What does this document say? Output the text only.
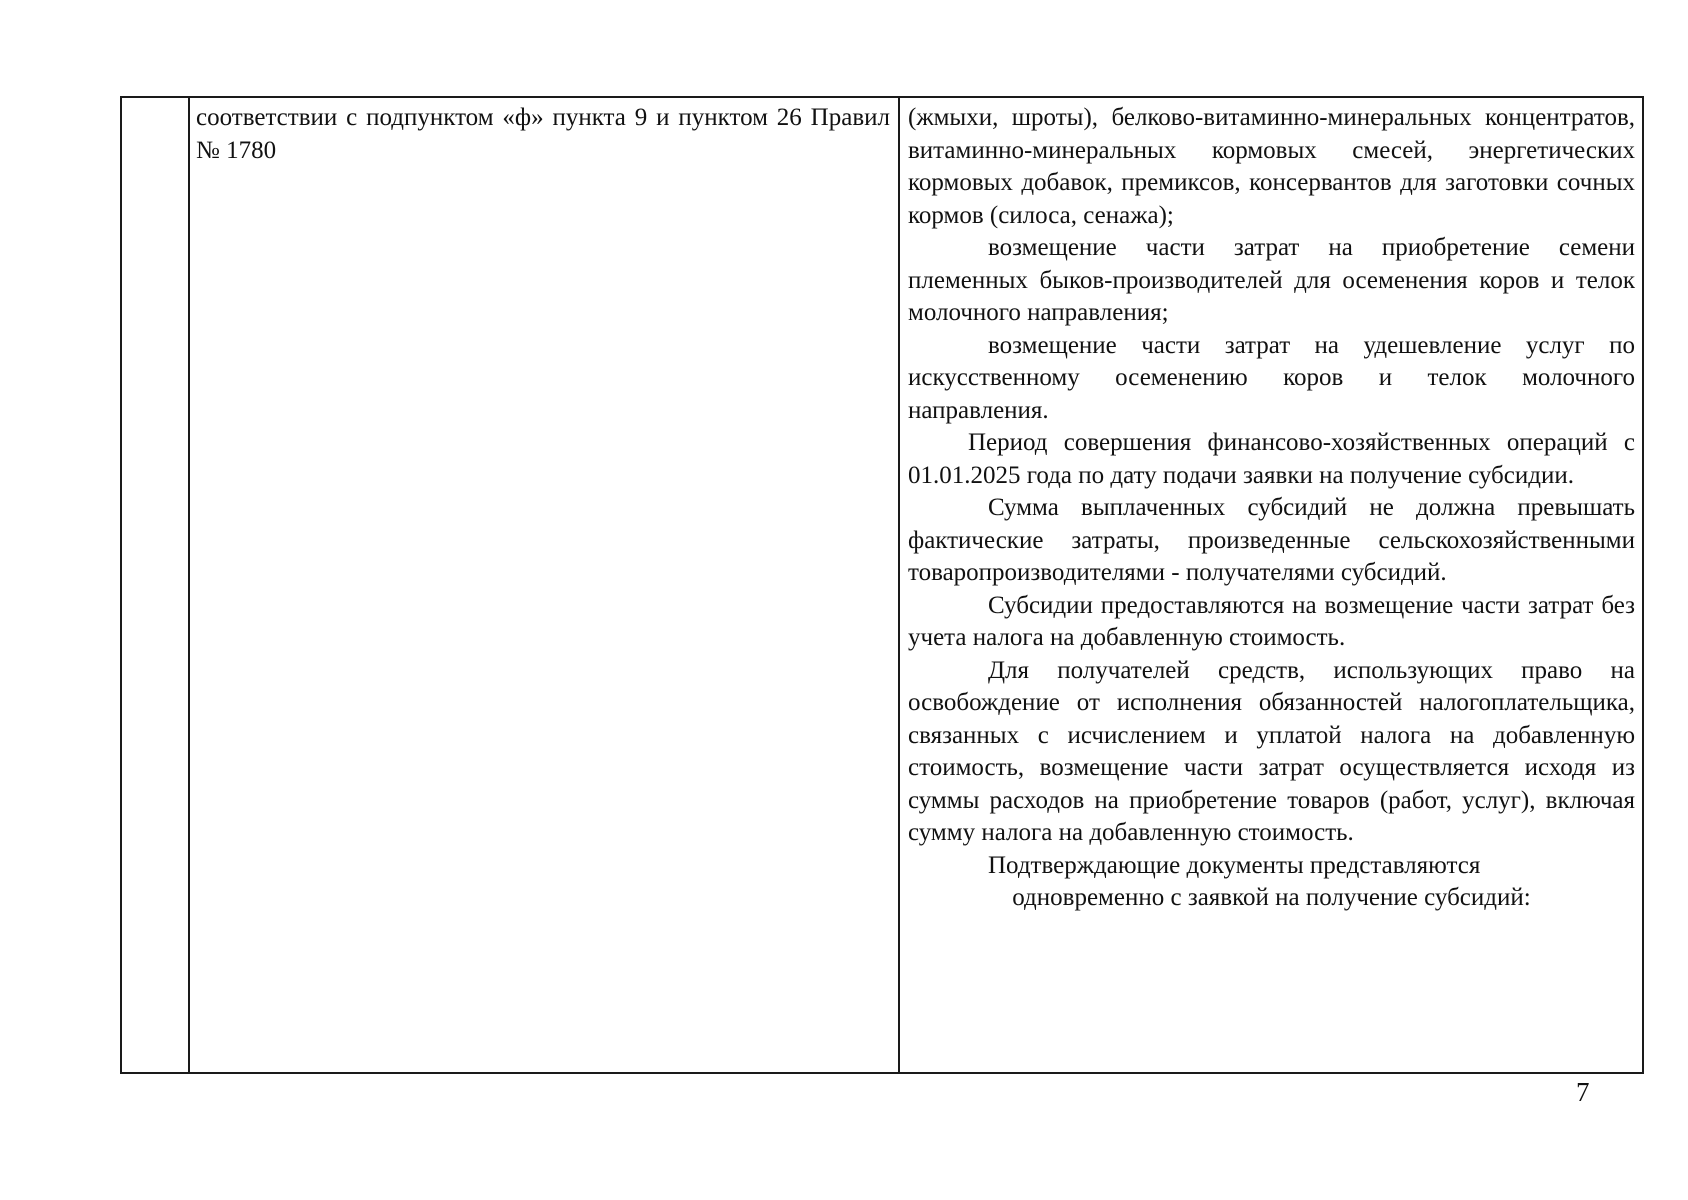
соответствии с подпунктом «ф» пункта 9 и пунктом 26 Правил № 1780

(жмыхи, шроты), белково-витаминно-минеральных концентратов, витаминно-минеральных кормовых смесей, энергетических кормовых добавок, премиксов, консервантов для заготовки сочных кормов (силоса, сенажа);

возмещение части затрат на приобретение семени племенных быков-производителей для осеменения коров и телок молочного направления;

возмещение части затрат на удешевление услуг по искусственному осеменению коров и телок молочного направления.

Период совершения финансово-хозяйственных операций с 01.01.2025 года по дату подачи заявки на получение субсидии.

Сумма выплаченных субсидий не должна превышать фактические затраты, произведенные сельскохозяйственными товаропроизводителями - получателями субсидий.

Субсидии предоставляются на возмещение части затрат без учета налога на добавленную стоимость.

Для получателей средств, использующих право на освобождение от исполнения обязанностей налогоплательщика, связанных с исчислением и уплатой налога на добавленную стоимость, возмещение части затрат осуществляется исходя из суммы расходов на приобретение товаров (работ, услуг), включая сумму налога на добавленную стоимость.

Подтверждающие документы представляются

одновременно с заявкой на получение субсидий:

7
